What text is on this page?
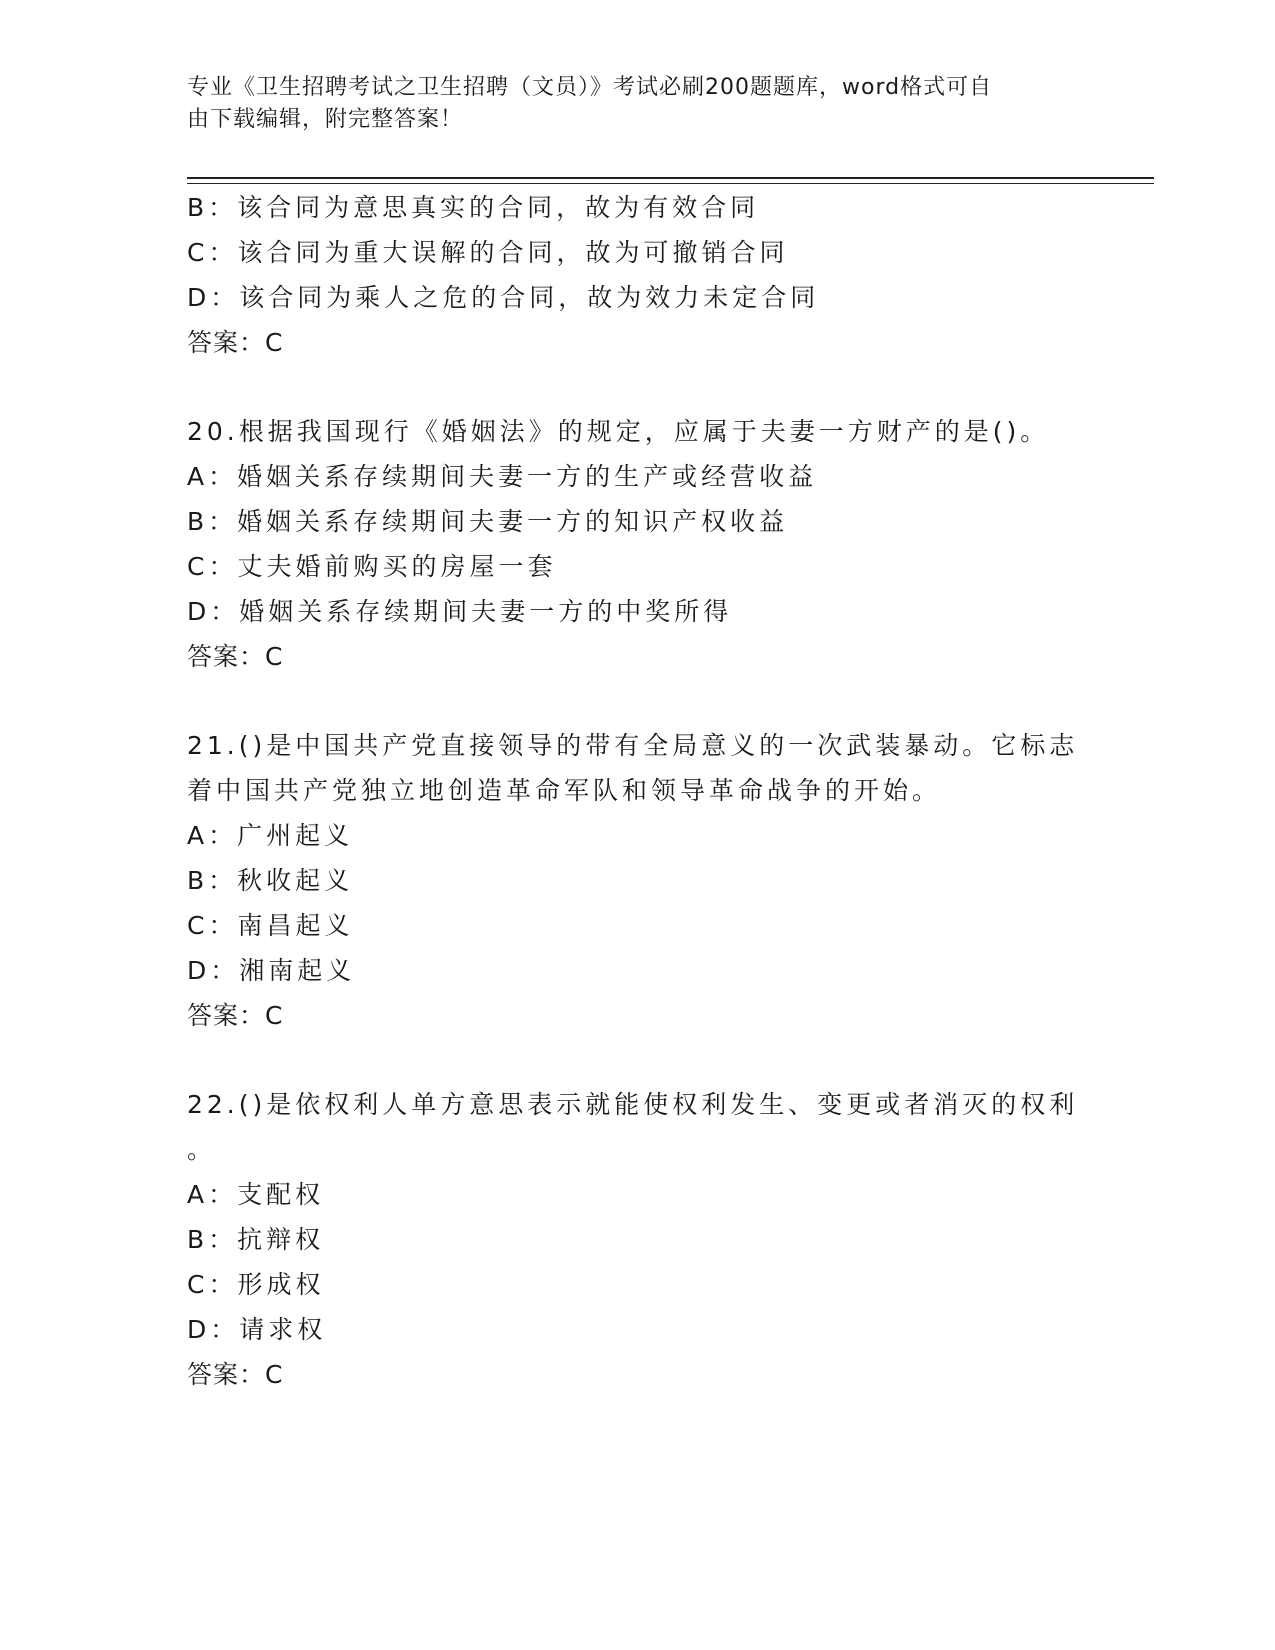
专业《卫生招聘考试之卫生招聘（文员）》考试必刷200题题库，word格式可自
由下载编辑，附完整答案！
B：该合同为意思真实的合同，故为有效合同
C：该合同为重大误解的合同，故为可撤销合同
D：该合同为乘人之危的合同，故为效力未定合同
答案：C
20.根据我国现行《婚姻法》的规定，应属于夫妻一方财产的是()。
A：婚姻关系存续期间夫妻一方的生产或经营收益
B：婚姻关系存续期间夫妻一方的知识产权收益
C：丈夫婚前购买的房屋一套
D：婚姻关系存续期间夫妻一方的中奖所得
答案：C
21.()是中国共产党直接领导的带有全局意义的一次武装暴动。它标志
着中国共产党独立地创造革命军队和领导革命战争的开始。
A：广州起义
B：秋收起义
C：南昌起义
D：湘南起义
答案：C
22.()是依权利人单方意思表示就能使权利发生、变更或者消灭的权利
。
A：支配权
B：抗辩权
C：形成权
D：请求权
答案：C
